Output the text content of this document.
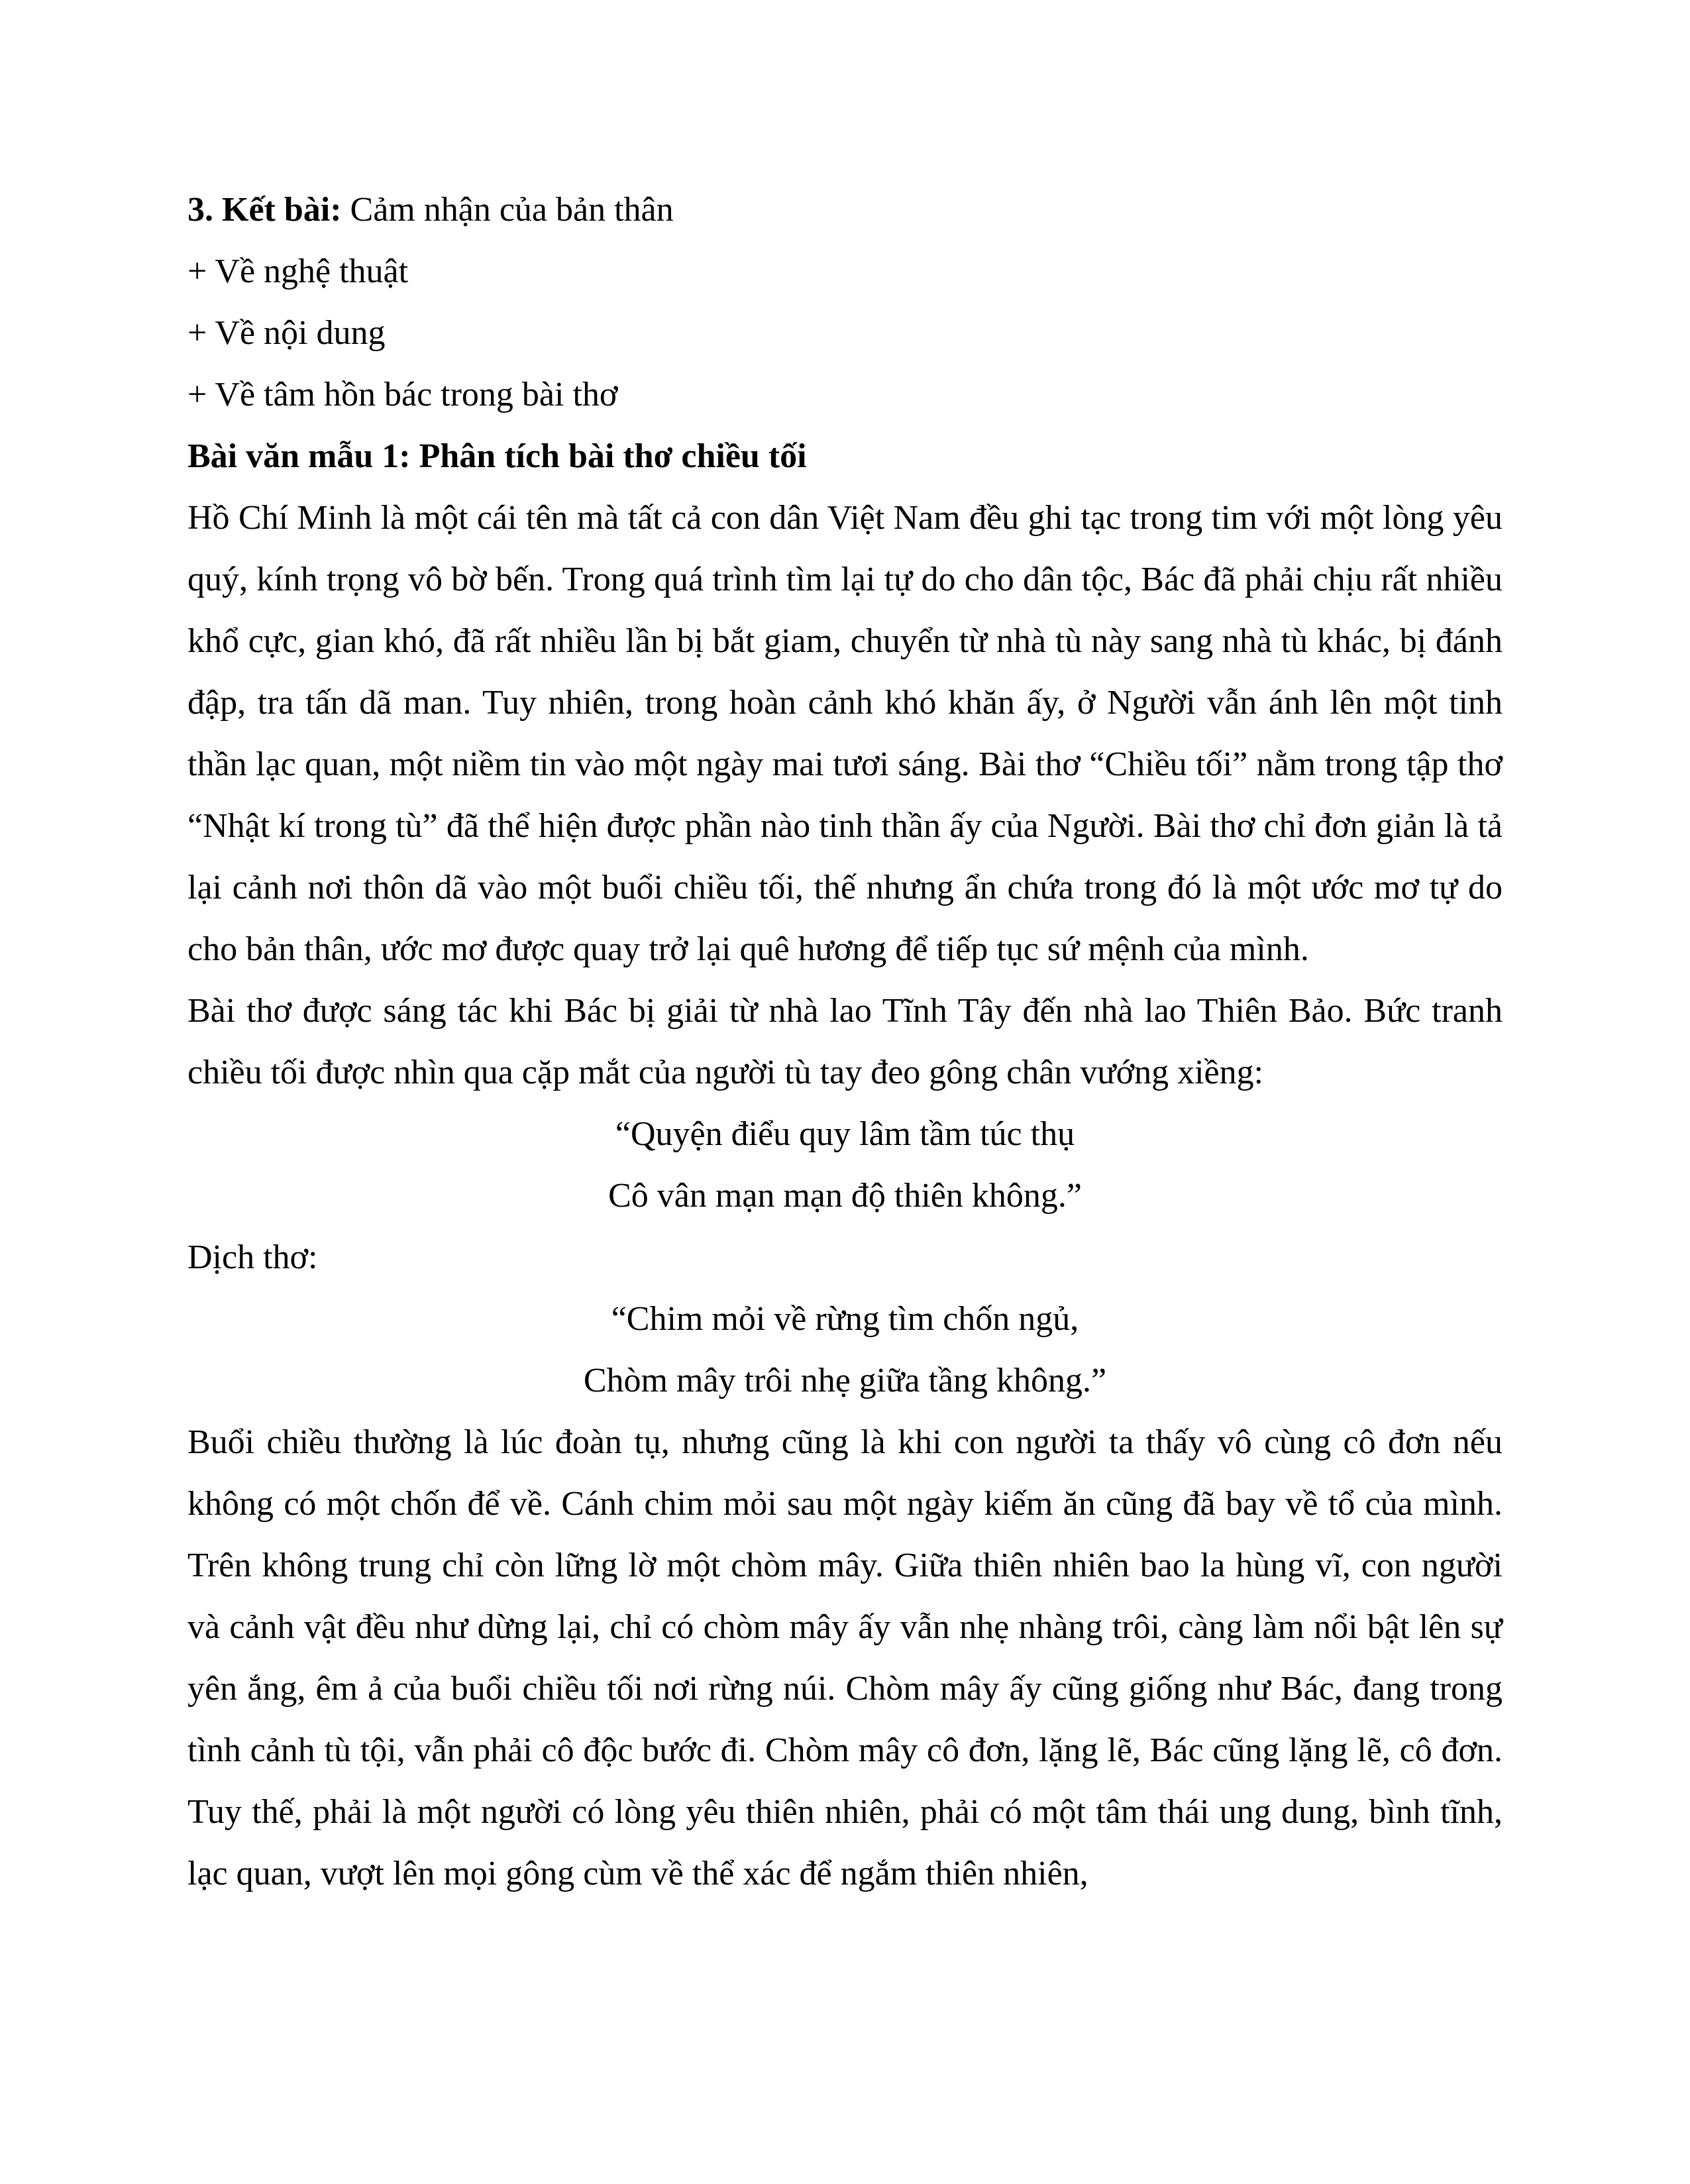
3. Kết bài: Cảm nhận của bản thân

+ Về nghệ thuật

+ Về nội dung

+ Về tâm hồn bác trong bài thơ

Bài văn mẫu 1: Phân tích bài thơ chiều tối

Hồ Chí Minh là một cái tên mà tất cả con dân Việt Nam đều ghi tạc trong tim với một lòng yêu quý, kính trọng vô bờ bến. Trong quá trình tìm lại tự do cho dân tộc, Bác đã phải chịu rất nhiều khổ cực, gian khó, đã rất nhiều lần bị bắt giam, chuyển từ nhà tù này sang nhà tù khác, bị đánh đập, tra tấn dã man. Tuy nhiên, trong hoàn cảnh khó khăn ấy, ở Người vẫn ánh lên một tinh thần lạc quan, một niềm tin vào một ngày mai tươi sáng. Bài thơ “Chiều tối” nằm trong tập thơ “Nhật kí trong tù” đã thể hiện được phần nào tinh thần ấy của Người. Bài thơ chỉ đơn giản là tả lại cảnh nơi thôn dã vào một buổi chiều tối, thế nhưng ẩn chứa trong đó là một ước mơ tự do cho bản thân, ước mơ được quay trở lại quê hương để tiếp tục sứ mệnh của mình.

Bài thơ được sáng tác khi Bác bị giải từ nhà lao Tĩnh Tây đến nhà lao Thiên Bảo. Bức tranh chiều tối được nhìn qua cặp mắt của người tù tay đeo gông chân vướng xiềng:

“Quyện điểu quy lâm tầm túc thụ

Cô vân mạn mạn độ thiên không.”

Dịch thơ:

“Chim mỏi về rừng tìm chốn ngủ,

Chòm mây trôi nhẹ giữa tầng không.”

Buổi chiều thường là lúc đoàn tụ, nhưng cũng là khi con người ta thấy vô cùng cô đơn nếu không có một chốn để về. Cánh chim mỏi sau một ngày kiếm ăn cũng đã bay về tổ của mình. Trên không trung chỉ còn lững lờ một chòm mây. Giữa thiên nhiên bao la hùng vĩ, con người và cảnh vật đều như dừng lại, chỉ có chòm mây ấy vẫn nhẹ nhàng trôi, càng làm nổi bật lên sự yên ắng, êm ả của buổi chiều tối nơi rừng núi. Chòm mây ấy cũng giống như Bác, đang trong tình cảnh tù tội, vẫn phải cô độc bước đi. Chòm mây cô đơn, lặng lẽ, Bác cũng lặng lẽ, cô đơn. Tuy thế, phải là một người có lòng yêu thiên nhiên, phải có một tâm thái ung dung, bình tĩnh, lạc quan, vượt lên mọi gông cùm về thể xác để ngắm thiên nhiên,
